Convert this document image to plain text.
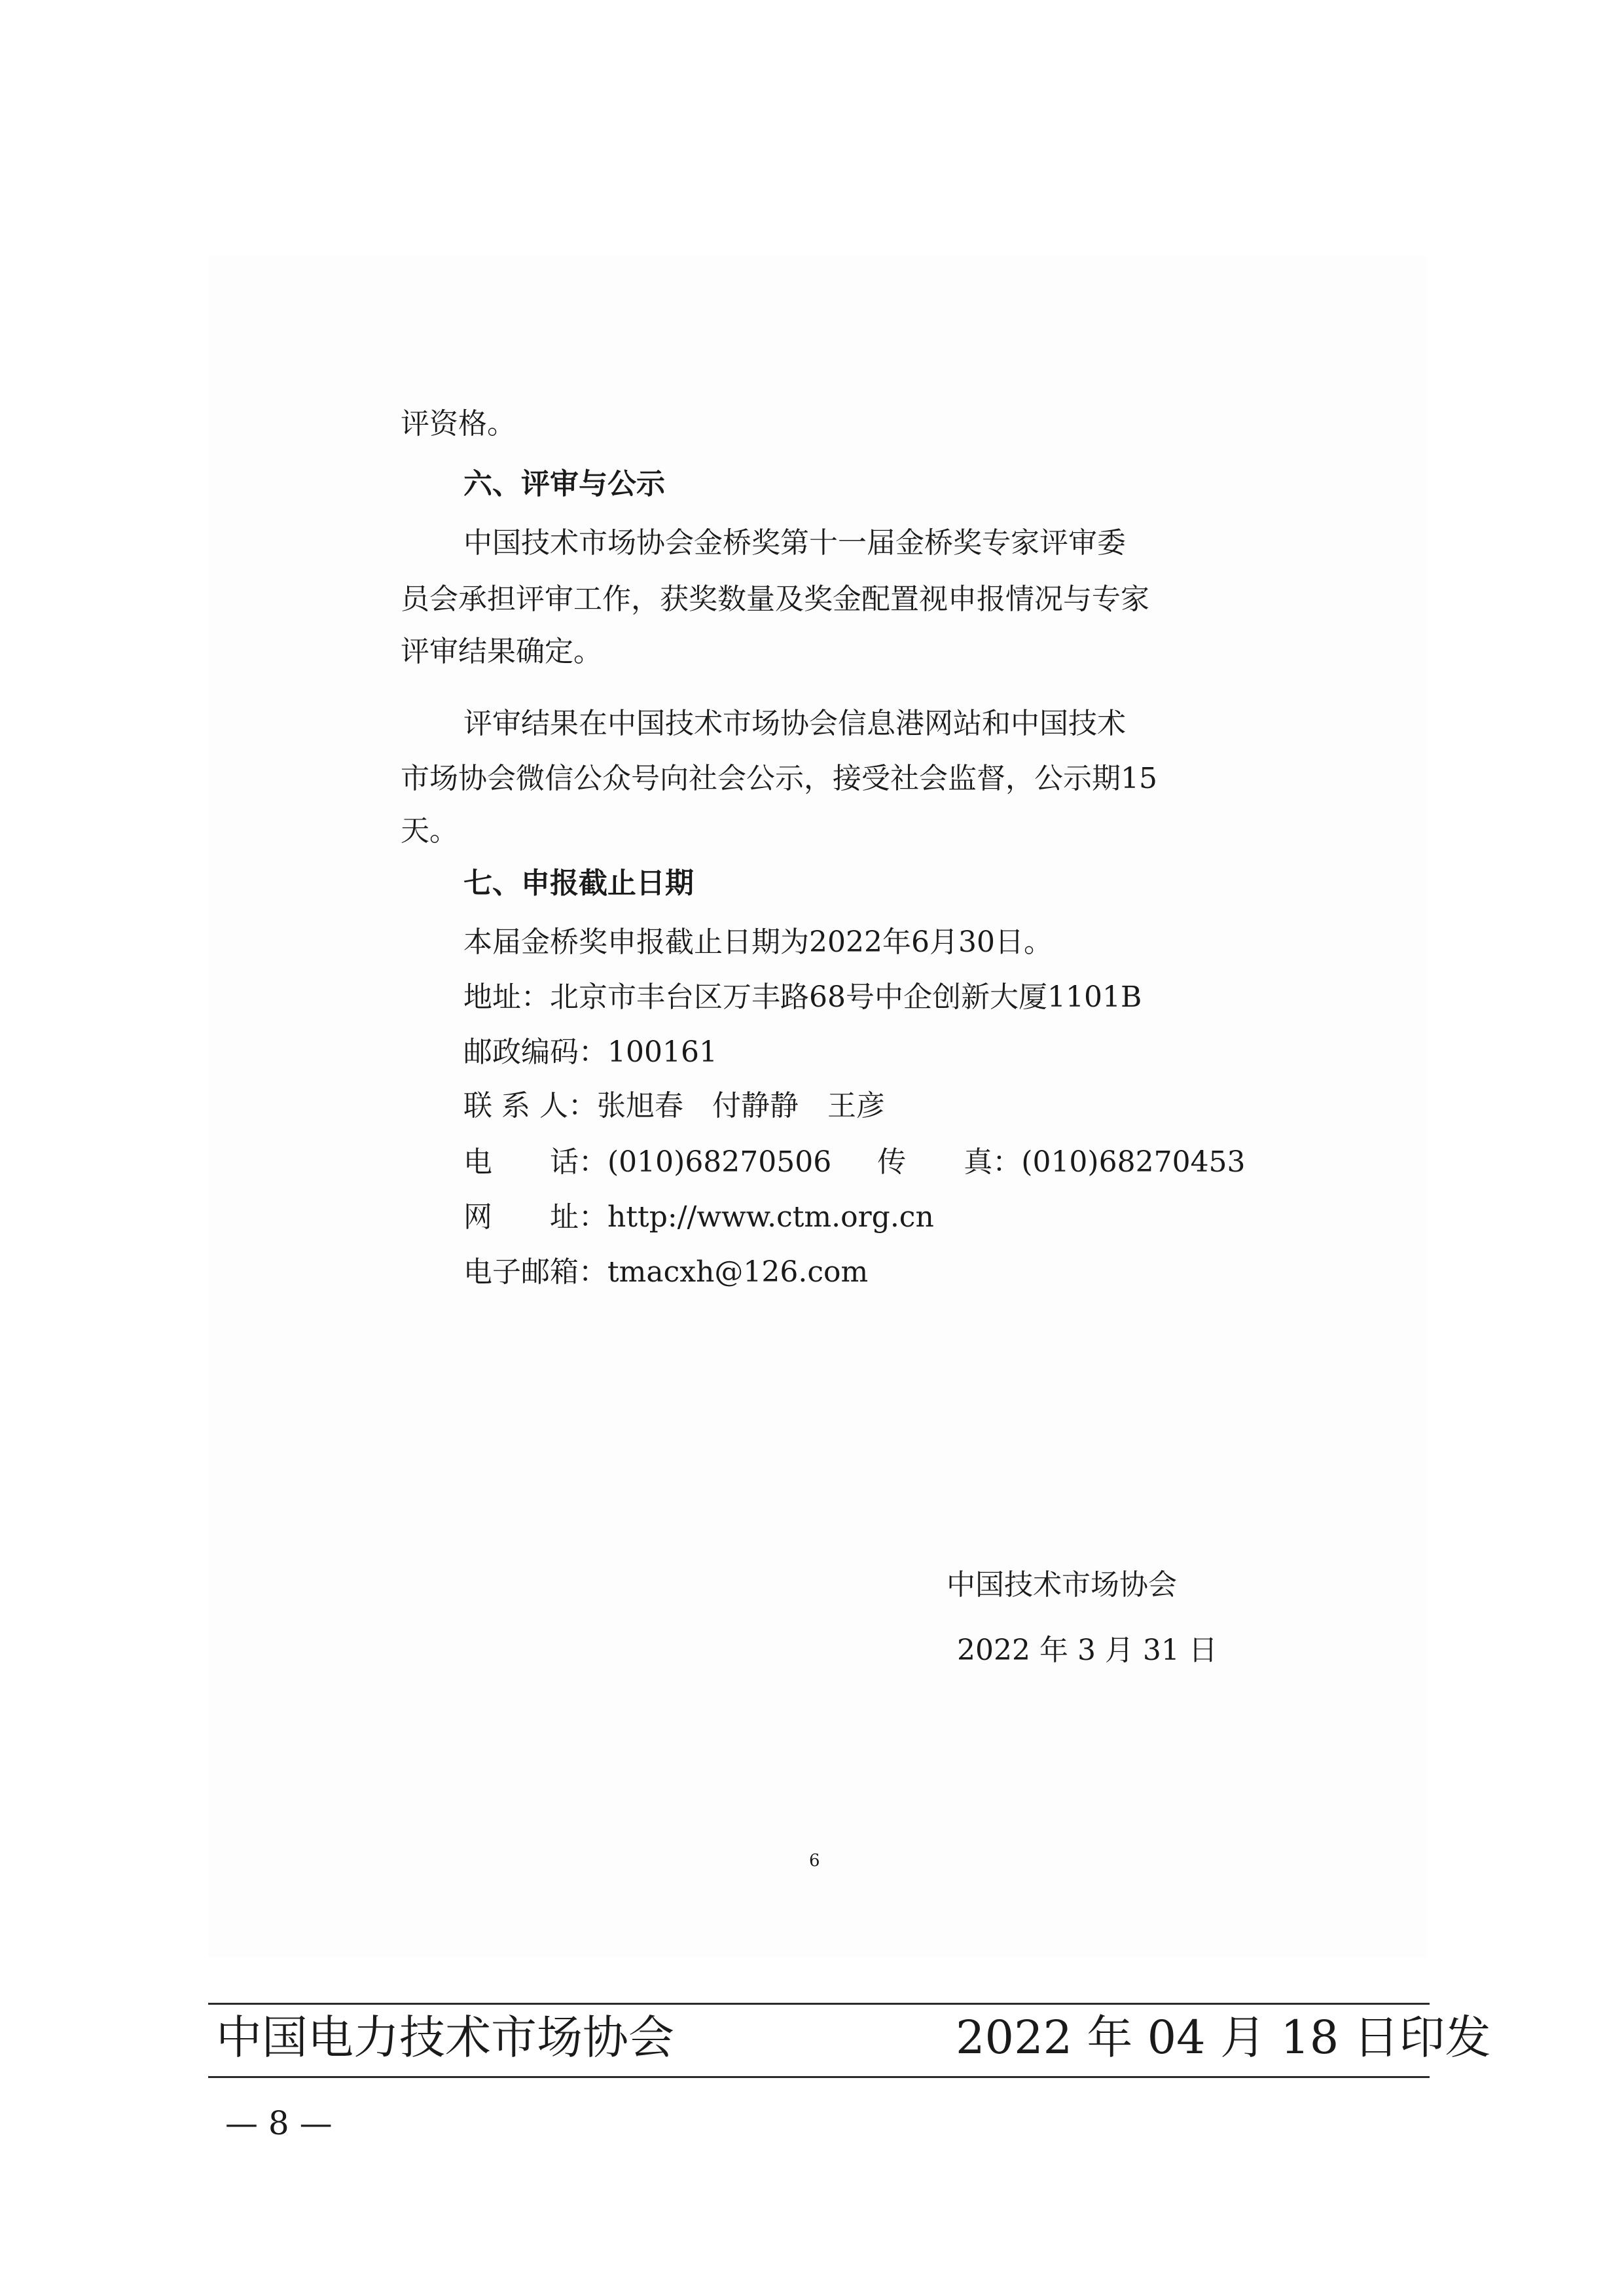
评资格。
六、评审与公示
中国技术市场协会金桥奖第十一届金桥奖专家评审委
员会承担评审工作，获奖数量及奖金配置视申报情况与专家
评审结果确定。
评审结果在中国技术市场协会信息港网站和中国技术
市场协会微信公众号向社会公示，接受社会监督，公示期15
天。
七、申报截止日期
本届金桥奖申报截止日期为2022年6月30日。
地址：北京市丰台区万丰路68号中企创新大厦1101B
邮政编码：100161
联 系 人：张旭春　付静静　王彦
电　　话：(010)68270506 传　　真：(010)68270453
网　　址：http://www.ctm.org.cn
电子邮箱：tmacxh@126.com
中国技术市场协会
2022 年 3 月 31 日
6
中国电力技术市场协会	2022 年 04 月 18 日印发
— 8 —
